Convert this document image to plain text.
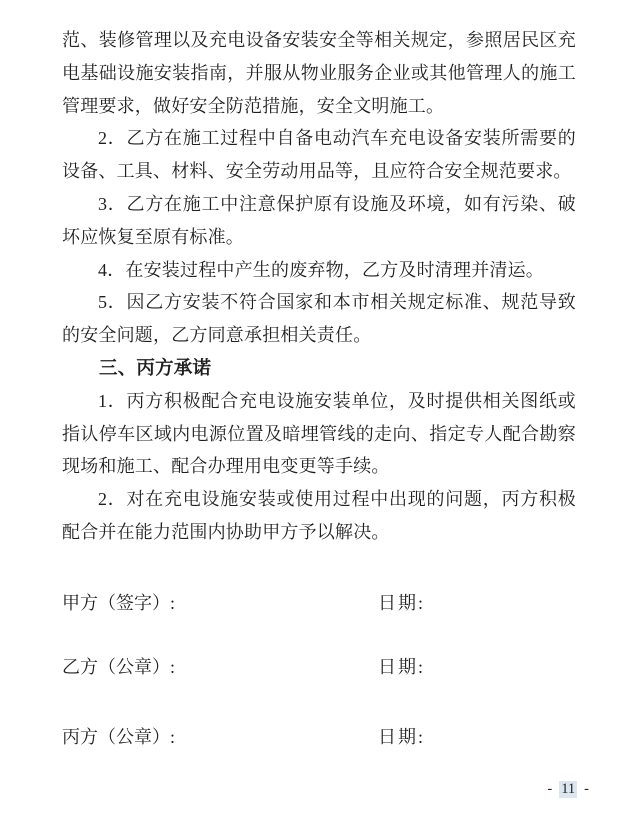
范、装修管理以及充电设备安装安全等相关规定，参照居民区充电基础设施安装指南，并服从物业服务企业或其他管理人的施工管理要求，做好安全防范措施，安全文明施工。

2．乙方在施工过程中自备电动汽车充电设备安装所需要的设备、工具、材料、安全劳动用品等，且应符合安全规范要求。

3．乙方在施工中注意保护原有设施及环境，如有污染、破坏应恢复至原有标准。

4．在安装过程中产生的废弃物，乙方及时清理并清运。

5．因乙方安装不符合国家和本市相关规定标准、规范导致的安全问题，乙方同意承担相关责任。

三、丙方承诺

1．丙方积极配合充电设施安装单位，及时提供相关图纸或指认停车区域内电源位置及暗埋管线的走向、指定专人配合勘察现场和施工、配合办理用电变更等手续。

2．对在充电设施安装或使用过程中出现的问题，丙方积极配合并在能力范围内协助甲方予以解决。

甲方（签字）:	日期:
乙方（公章）:	日期:
丙方（公章）:	日期:
- 11 -
